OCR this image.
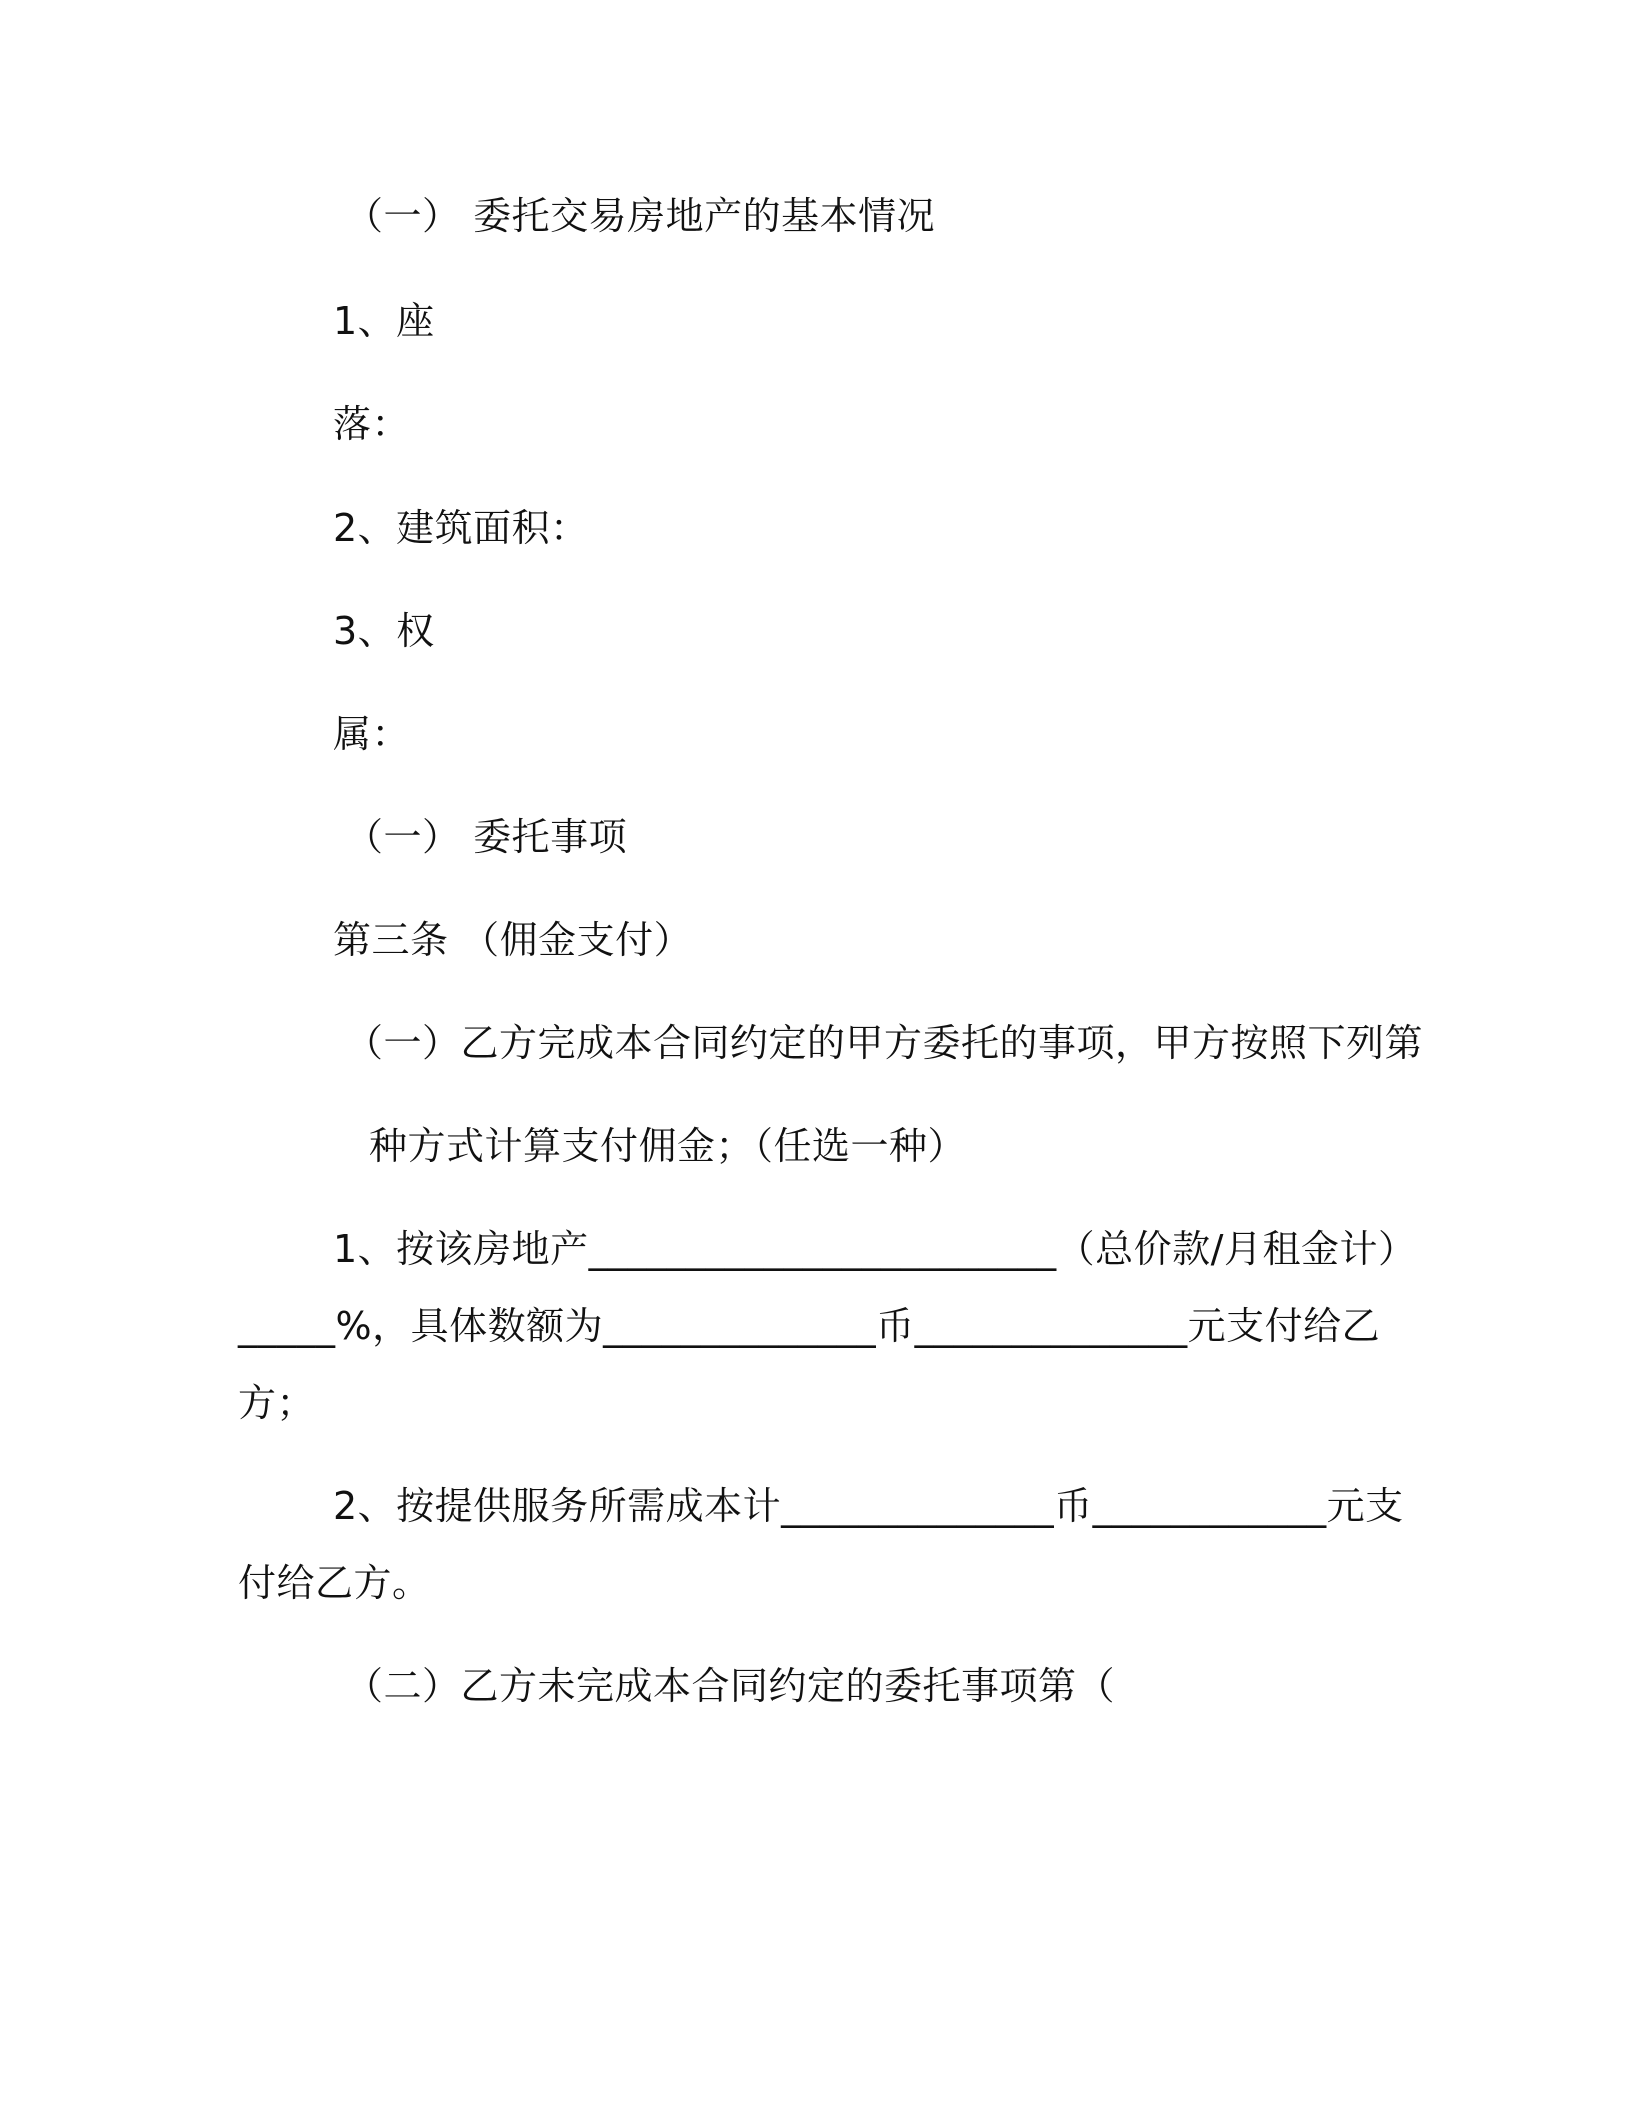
（一） 委托交易房地产的基本情况
1、座
落：
2、建筑面积：
3、权
属：
（一） 委托事项
第三条 （佣金支付）
（一）乙方完成本合同约定的甲方委托的事项，甲方按照下列第
种方式计算支付佣金；（任选一种）
1、按该房地产________________________（总价款/月租金计）
_____%，具体数额为______________币______________元支付给乙
方；
2、按提供服务所需成本计______________币____________元支
付给乙方。
（二）乙方未完成本合同约定的委托事项第（
